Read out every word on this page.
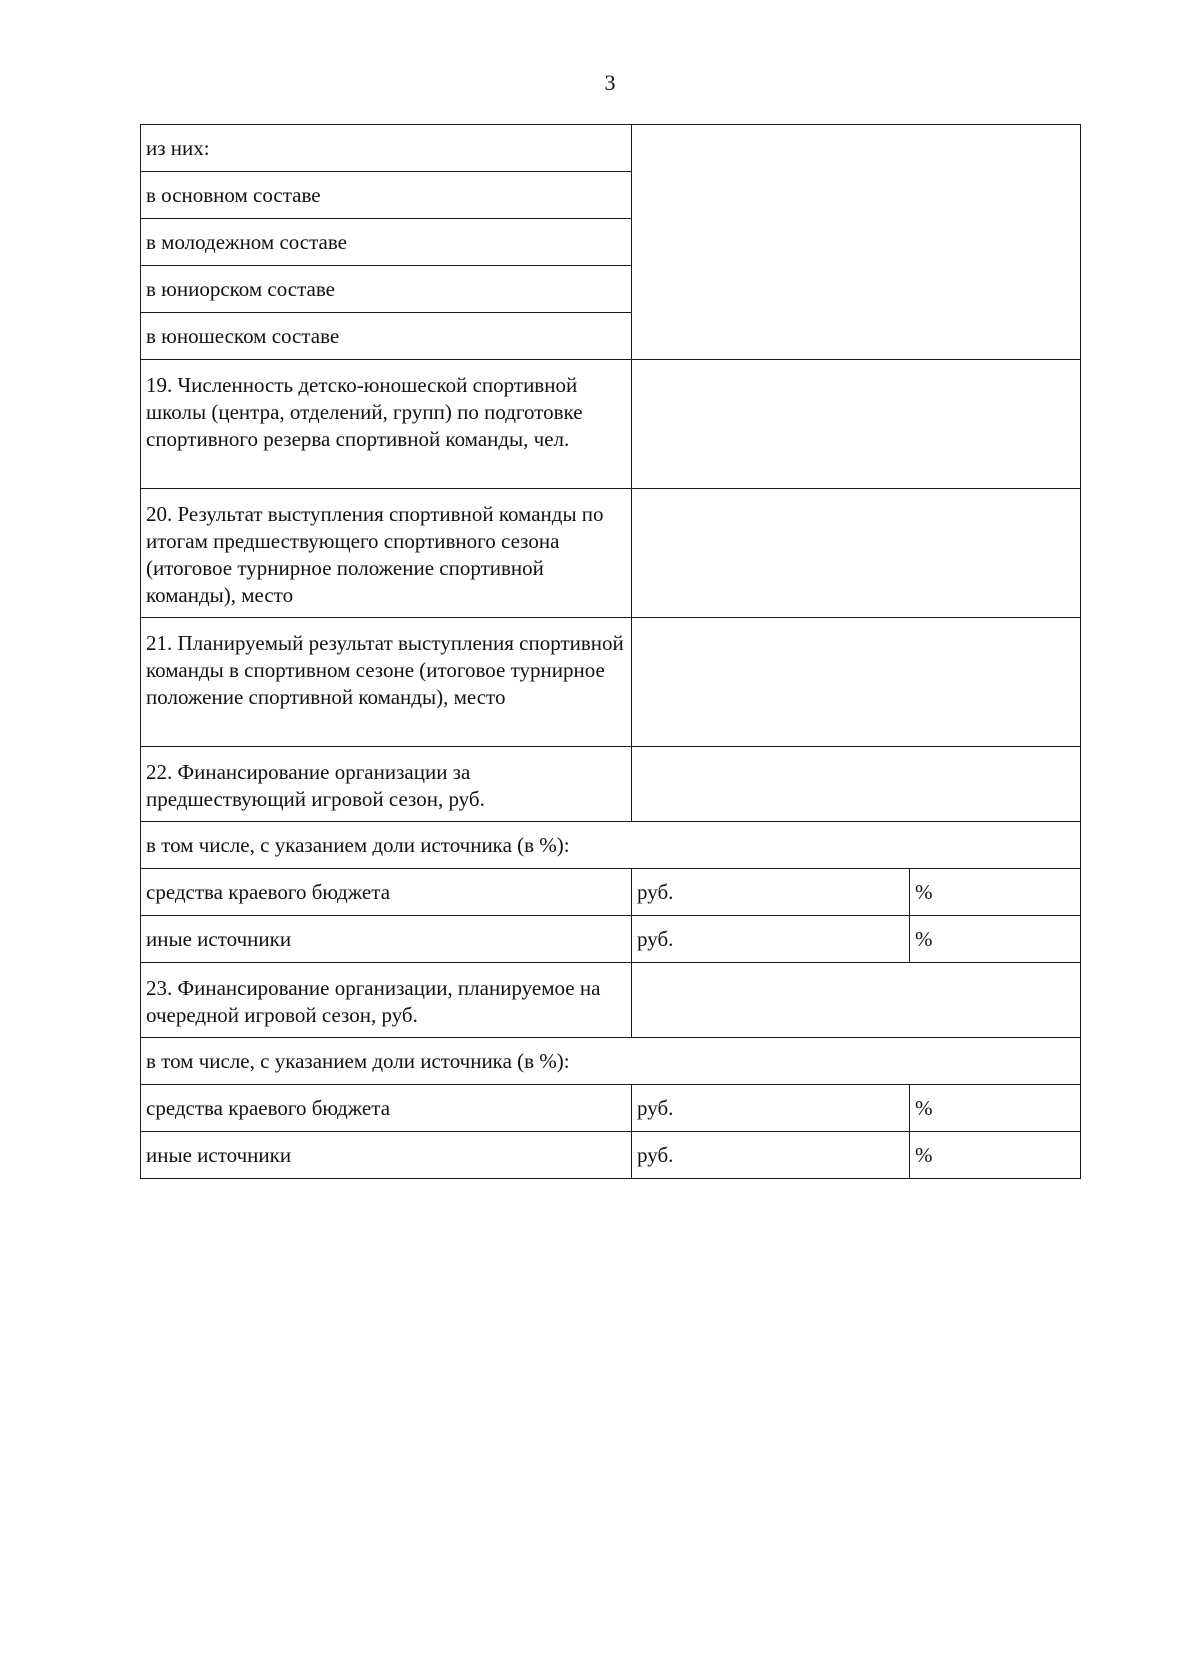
3
из них:		
в основном составе		
в молодежном составе		
в юниорском составе		
в юношеском составе		
19. Численность детско-юношеской спортивной школы (центра, отделений, групп) по подготовке спортивного резерва спортивной команды, чел.		
20. Результат выступления спортивной команды по итогам предшествующего спортивного сезона (итоговое турнирное положение спортивной команды), место		
21. Планируемый результат выступления спортивной команды в спортивном сезоне (итоговое турнирное положение спортивной команды), место		
22. Финансирование организации за предшествующий игровой сезон, руб.		
в том числе, с указанием доли источника (в %):		
средства краевого бюджета	руб.	%
иные источники	руб.	%
23. Финансирование организации, планируемое на очередной игровой сезон, руб.		
в том числе, с указанием доли источника (в %):		
средства краевого бюджета	руб.	%
иные источники	руб.	%
